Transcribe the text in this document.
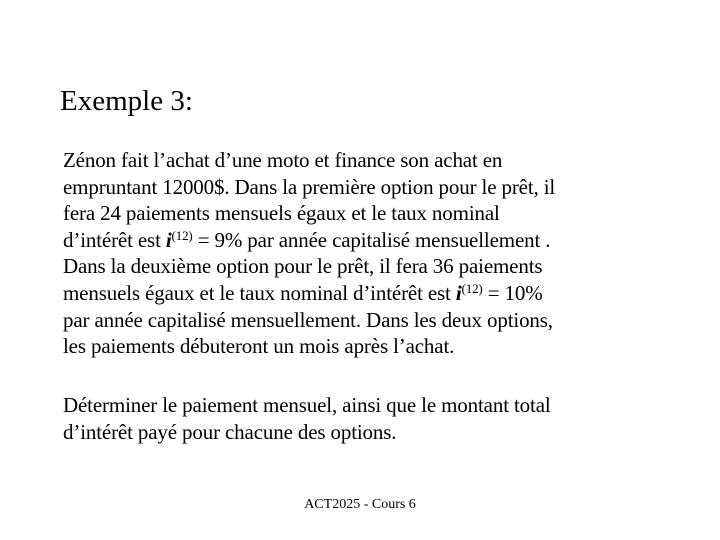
Exemple 3:
Zénon fait l’achat d’une moto et finance son achat en
empruntant 12000$. Dans la première option pour le prêt, il
fera 24 paiements mensuels égaux et le taux nominal
d’intérêt est $i^{(12)} = 9\%$ par année capitalisé mensuellement .
Dans la deuxième option pour le prêt, il fera 36 paiements
mensuels égaux et le taux nominal d’intérêt est $i^{(12)} = 10\%$
par année capitalisé mensuellement. Dans les deux options,
les paiements débuteront un mois après l’achat.
Déterminer le paiement mensuel, ainsi que le montant total
d’intérêt payé pour chacune des options.
ACT2025 - Cours 6
